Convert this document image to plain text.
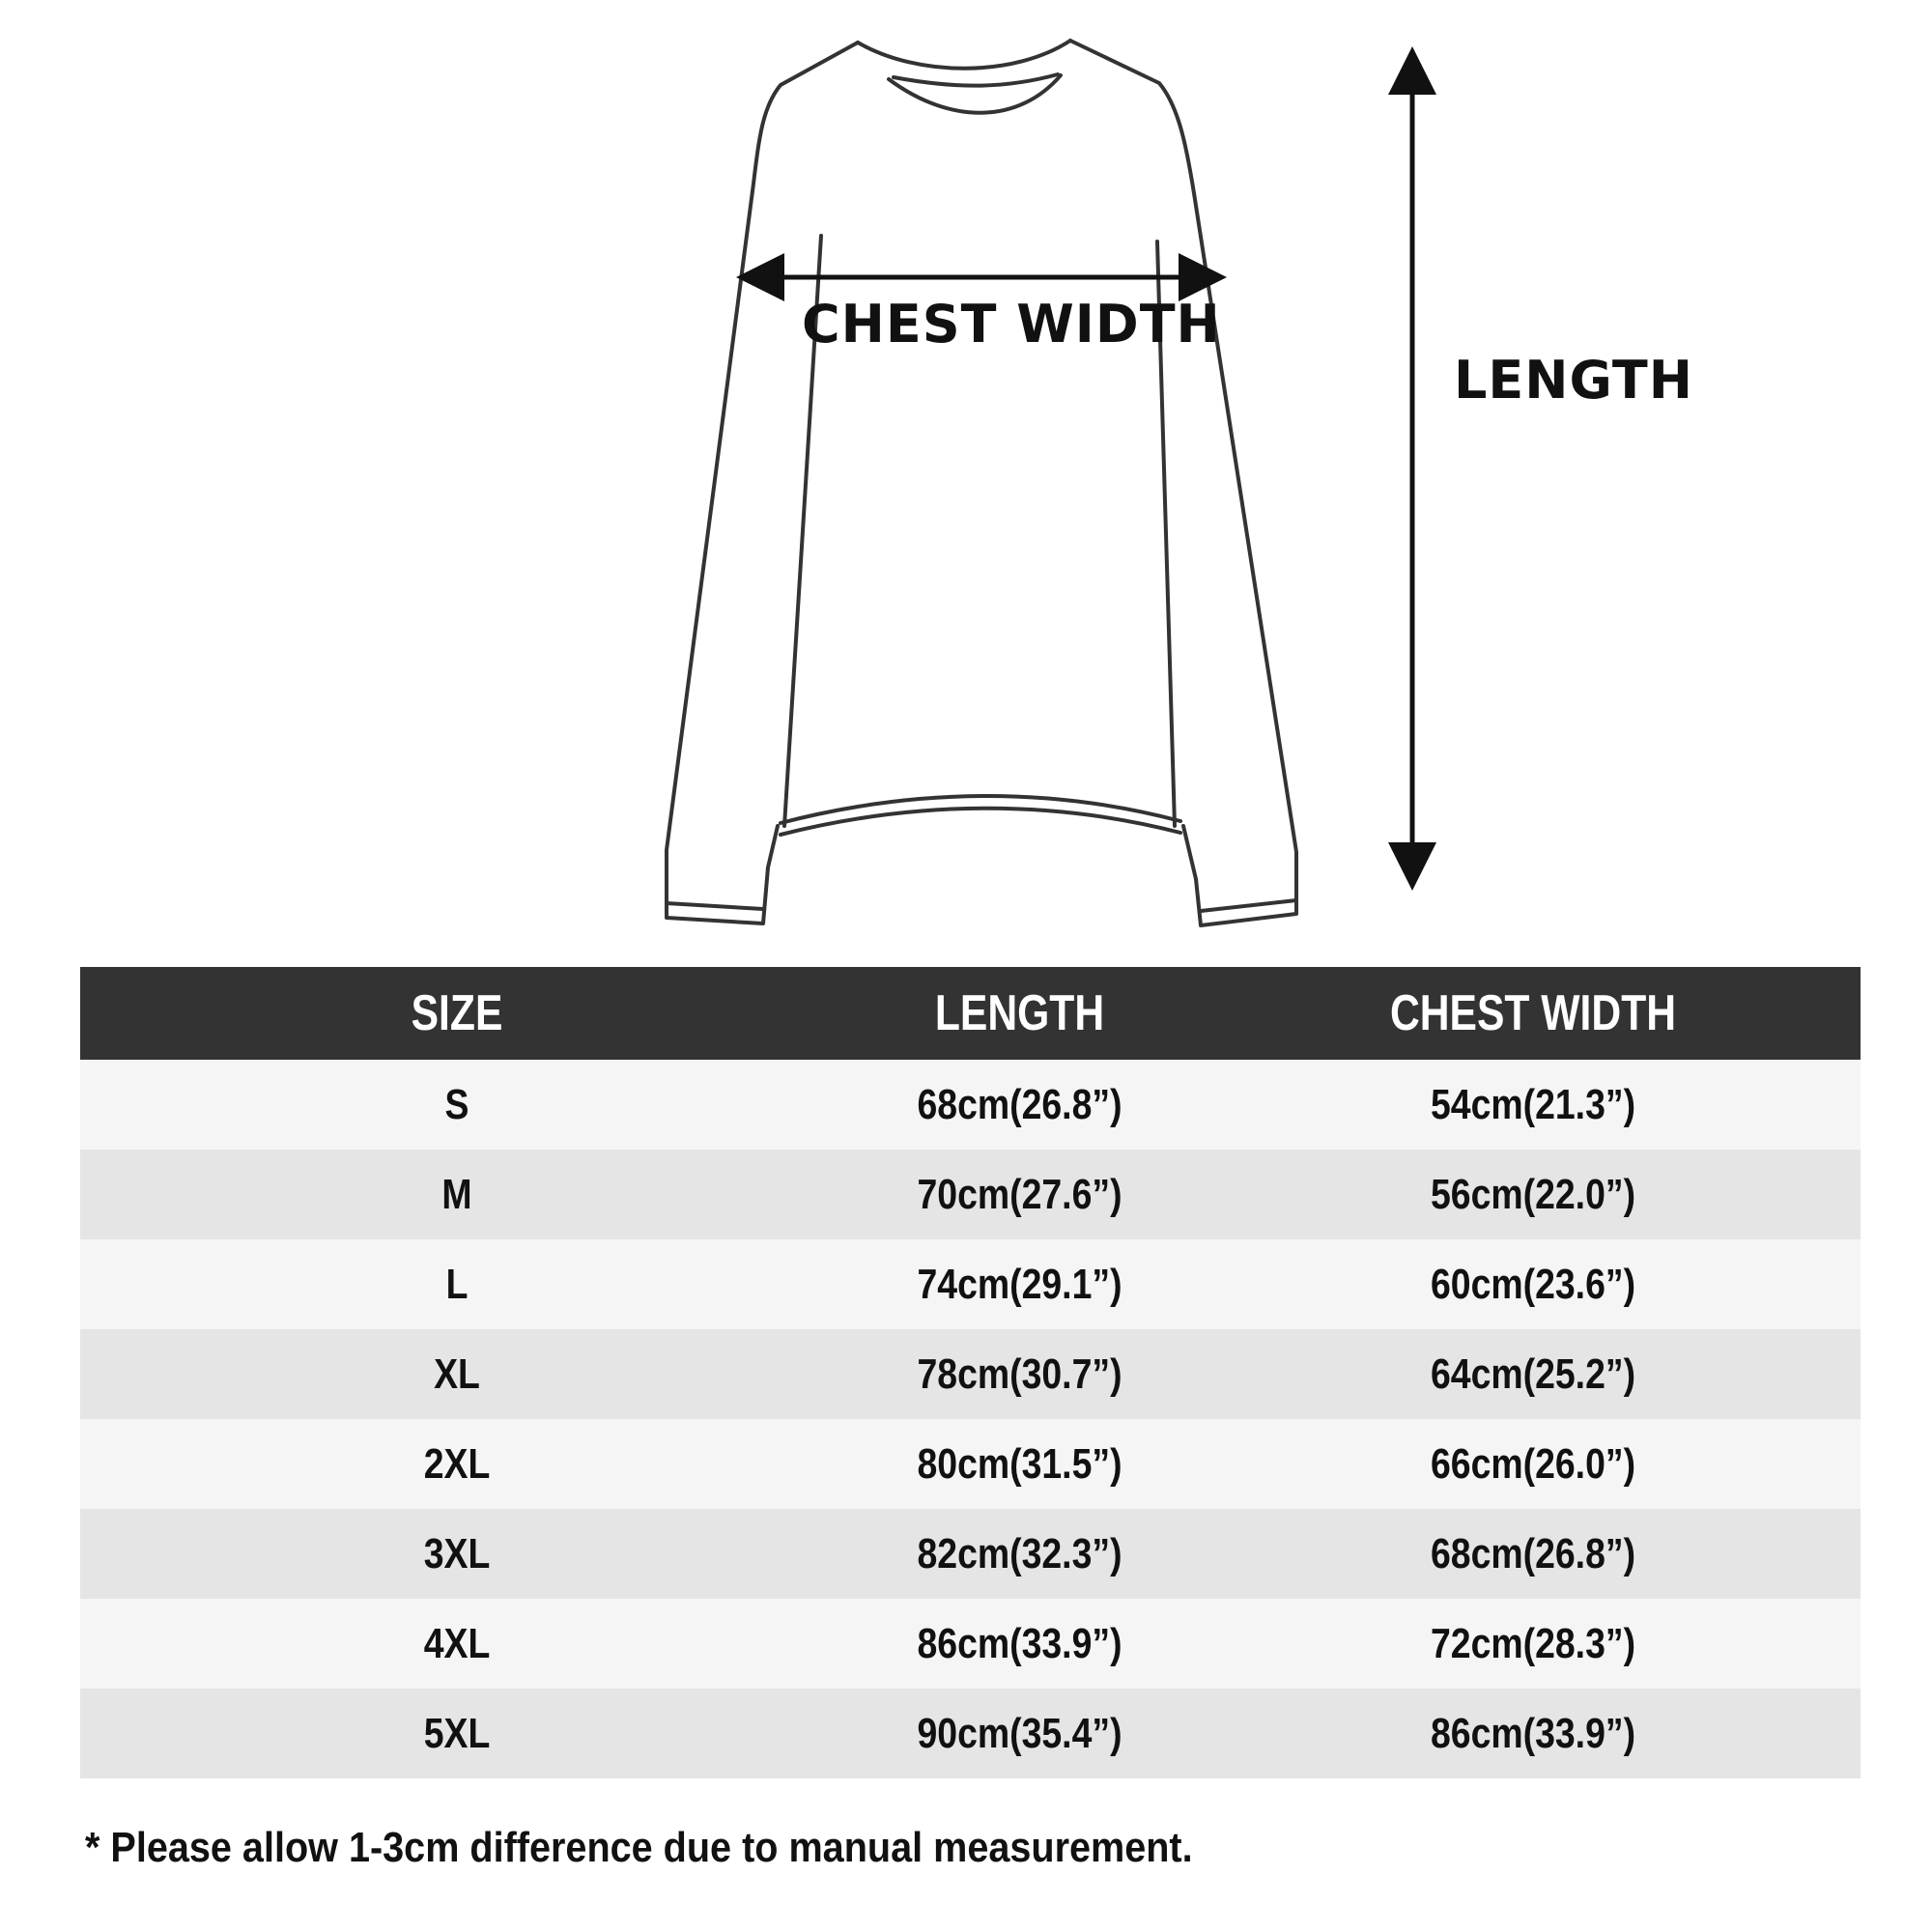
CHEST WIDTH
LENGTH
SIZE	LENGTH	CHEST WIDTH
S	68cm(26.8”)	54cm(21.3”)
M	70cm(27.6”)	56cm(22.0”)
L	74cm(29.1”)	60cm(23.6”)
XL	78cm(30.7”)	64cm(25.2”)
2XL	80cm(31.5”)	66cm(26.0”)
3XL	82cm(32.3”)	68cm(26.8”)
4XL	86cm(33.9”)	72cm(28.3”)
5XL	90cm(35.4”)	86cm(33.9”)
* Please allow 1-3cm difference due to manual measurement.
